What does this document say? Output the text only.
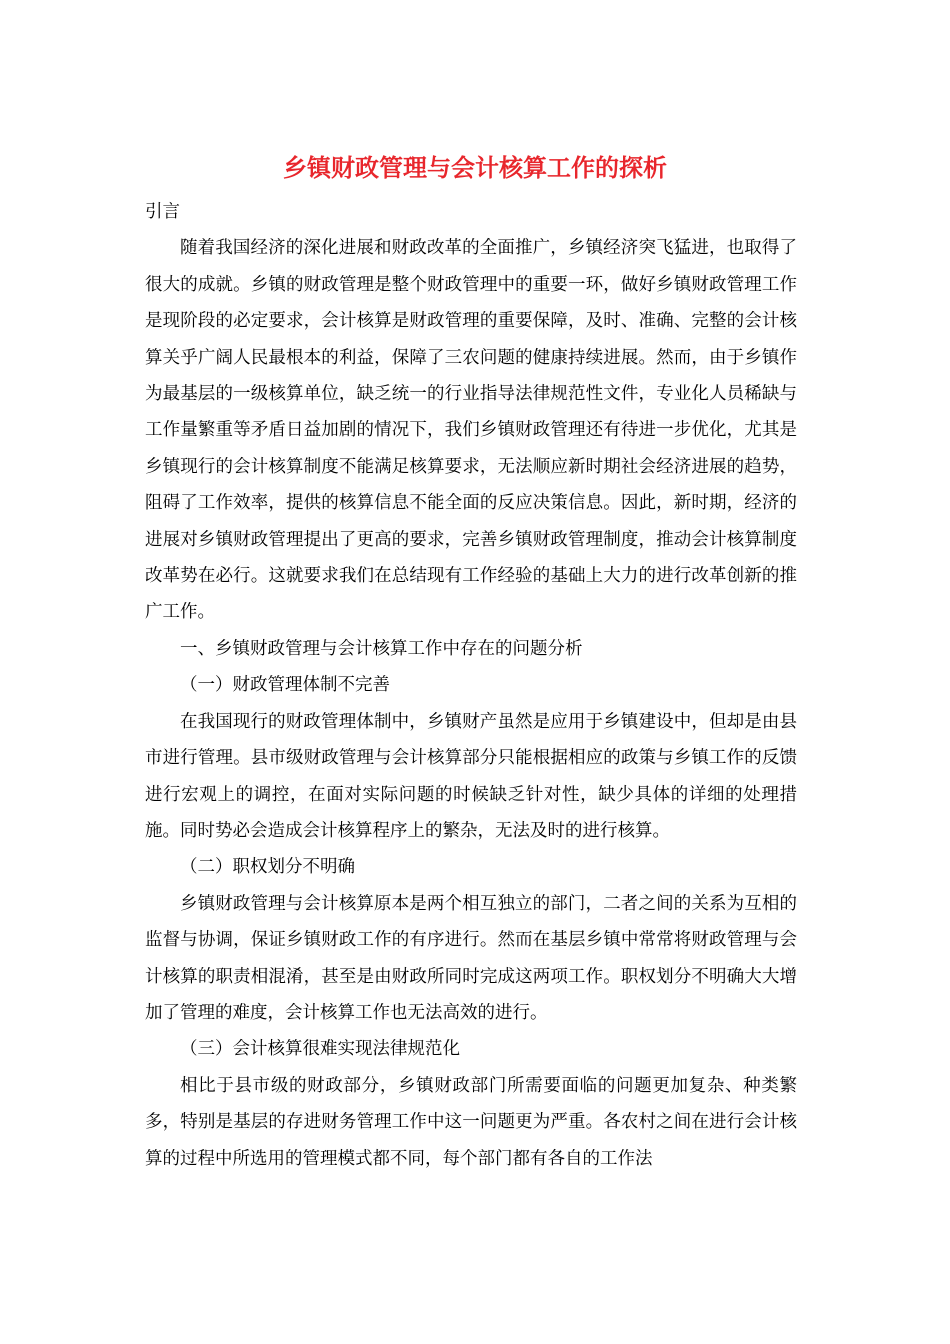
乡镇财政管理与会计核算工作的探析

引言

随着我国经济的深化进展和财政改革的全面推广，乡镇经济突飞猛进，也取得了很大的成就。乡镇的财政管理是整个财政管理中的重要一环，做好乡镇财政管理工作是现阶段的必定要求，会计核算是财政管理的重要保障，及时、准确、完整的会计核算关乎广阔人民最根本的利益，保障了三农问题的健康持续进展。然而，由于乡镇作为最基层的一级核算单位，缺乏统一的行业指导法律规范性文件，专业化人员稀缺与工作量繁重等矛盾日益加剧的情况下，我们乡镇财政管理还有待进一步优化，尤其是乡镇现行的会计核算制度不能满足核算要求，无法顺应新时期社会经济进展的趋势，阻碍了工作效率，提供的核算信息不能全面的反应决策信息。因此，新时期，经济的进展对乡镇财政管理提出了更高的要求，完善乡镇财政管理制度，推动会计核算制度改革势在必行。这就要求我们在总结现有工作经验的基础上大力的进行改革创新的推广工作。

一、乡镇财政管理与会计核算工作中存在的问题分析

（一）财政管理体制不完善

在我国现行的财政管理体制中，乡镇财产虽然是应用于乡镇建设中，但却是由县市进行管理。县市级财政管理与会计核算部分只能根据相应的政策与乡镇工作的反馈进行宏观上的调控，在面对实际问题的时候缺乏针对性，缺少具体的详细的处理措施。同时势必会造成会计核算程序上的繁杂，无法及时的进行核算。

（二）职权划分不明确

乡镇财政管理与会计核算原本是两个相互独立的部门，二者之间的关系为互相的监督与协调，保证乡镇财政工作的有序进行。然而在基层乡镇中常常将财政管理与会计核算的职责相混淆，甚至是由财政所同时完成这两项工作。职权划分不明确大大增加了管理的难度，会计核算工作也无法高效的进行。

（三）会计核算很难实现法律规范化

相比于县市级的财政部分，乡镇财政部门所需要面临的问题更加复杂、种类繁多，特别是基层的存进财务管理工作中这一问题更为严重。各农村之间在进行会计核算的过程中所选用的管理模式都不同，每个部门都有各自的工作法
